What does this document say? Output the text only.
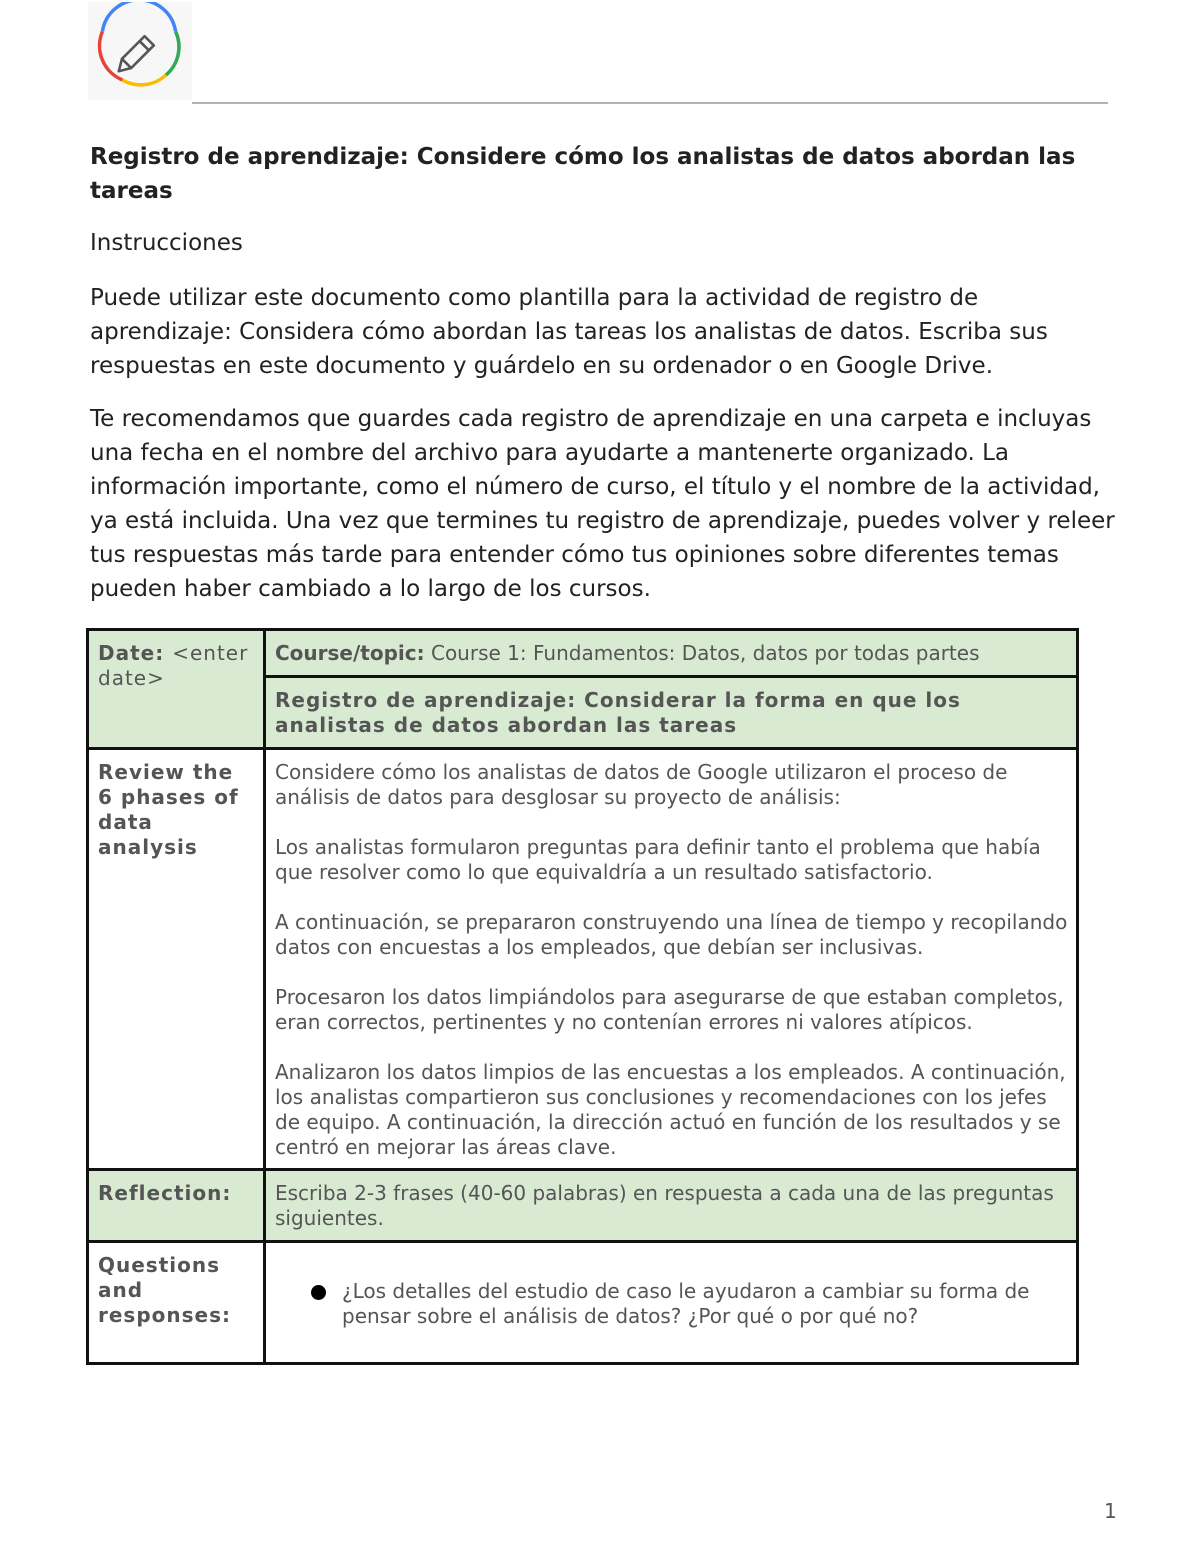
Registro de aprendizaje: Considere cómo los analistas de datos abordan las tareas
Instrucciones
Puede utilizar este documento como plantilla para la actividad de registro de aprendizaje: Considera cómo abordan las tareas los analistas de datos. Escriba sus respuestas en este documento y guárdelo en su ordenador o en Google Drive.
Te recomendamos que guardes cada registro de aprendizaje en una carpeta e incluyas una fecha en el nombre del archivo para ayudarte a mantenerte organizado. La información importante, como el número de curso, el título y el nombre de la actividad, ya está incluida. Una vez que termines tu registro de aprendizaje, puedes volver y releer tus respuestas más tarde para entender cómo tus opiniones sobre diferentes temas pueden haber cambiado a lo largo de los cursos.
Date: <enter date>	Course/topic: Course 1: Fundamentos: Datos, datos por todas partes
	Registro de aprendizaje: Considerar la forma en que los analistas de datos abordan las tareas
Review the 6 phases of data analysis	Considere cómo los analistas de datos de Google utilizaron el proceso de análisis de datos para desglosar su proyecto de análisis:

Los analistas formularon preguntas para definir tanto el problema que había que resolver como lo que equivaldría a un resultado satisfactorio.

A continuación, se prepararon construyendo una línea de tiempo y recopilando datos con encuestas a los empleados, que debían ser inclusivas.

Procesaron los datos limpiándolos para asegurarse de que estaban completos, eran correctos, pertinentes y no contenían errores ni valores atípicos.

Analizaron los datos limpios de las encuestas a los empleados. A continuación, los analistas compartieron sus conclusiones y recomendaciones con los jefes de equipo. A continuación, la dirección actuó en función de los resultados y se centró en mejorar las áreas clave.

Reflection:	Escriba 2-3 frases (40-60 palabras) en respuesta a cada una de las preguntas siguientes.
Questions and responses:	¿Los detalles del estudio de caso le ayudaron a cambiar su forma de pensar sobre el análisis de datos? ¿Por qué o por qué no?
1
